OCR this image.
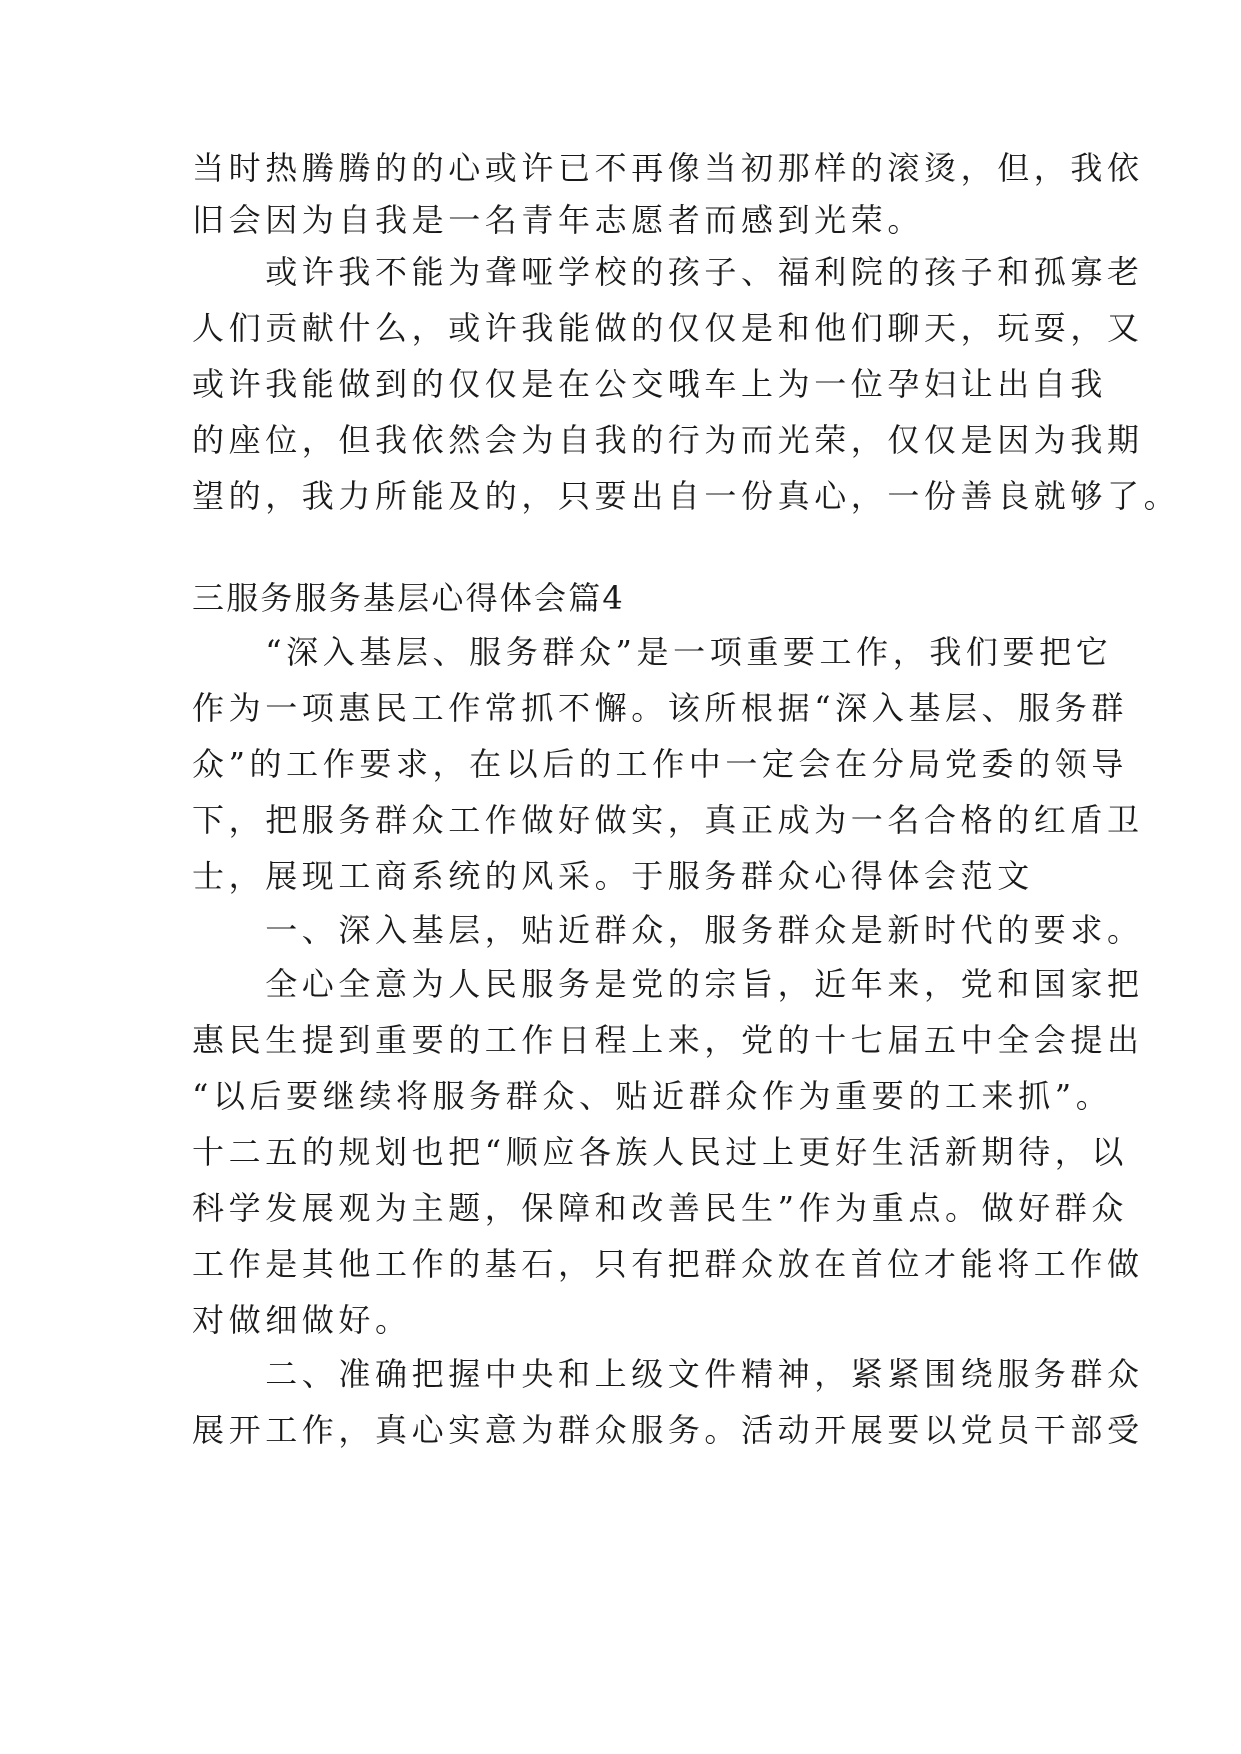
当时热腾腾的的心或许已不再像当初那样的滚烫，但，我依
旧会因为自我是一名青年志愿者而感到光荣。
　　或许我不能为聋哑学校的孩子、福利院的孩子和孤寡老
人们贡献什么，或许我能做的仅仅是和他们聊天，玩耍，又
或许我能做到的仅仅是在公交哦车上为一位孕妇让出自我
的座位，但我依然会为自我的行为而光荣，仅仅是因为我期
望的，我力所能及的，只要出自一份真心，一份善良就够了。
三服务服务基层心得体会篇4
　　“深入基层、服务群众”是一项重要工作，我们要把它
作为一项惠民工作常抓不懈。该所根据“深入基层、服务群
众”的工作要求，在以后的工作中一定会在分局党委的领导
下，把服务群众工作做好做实，真正成为一名合格的红盾卫
士，展现工商系统的风采。于服务群众心得体会范文
　　一、深入基层，贴近群众，服务群众是新时代的要求。
　　全心全意为人民服务是党的宗旨，近年来，党和国家把
惠民生提到重要的工作日程上来，党的十七届五中全会提出
“以后要继续将服务群众、贴近群众作为重要的工来抓”。
十二五的规划也把“顺应各族人民过上更好生活新期待，以
科学发展观为主题，保障和改善民生”作为重点。做好群众
工作是其他工作的基石，只有把群众放在首位才能将工作做
对做细做好。
　　二、准确把握中央和上级文件精神，紧紧围绕服务群众
展开工作，真心实意为群众服务。活动开展要以党员干部受
